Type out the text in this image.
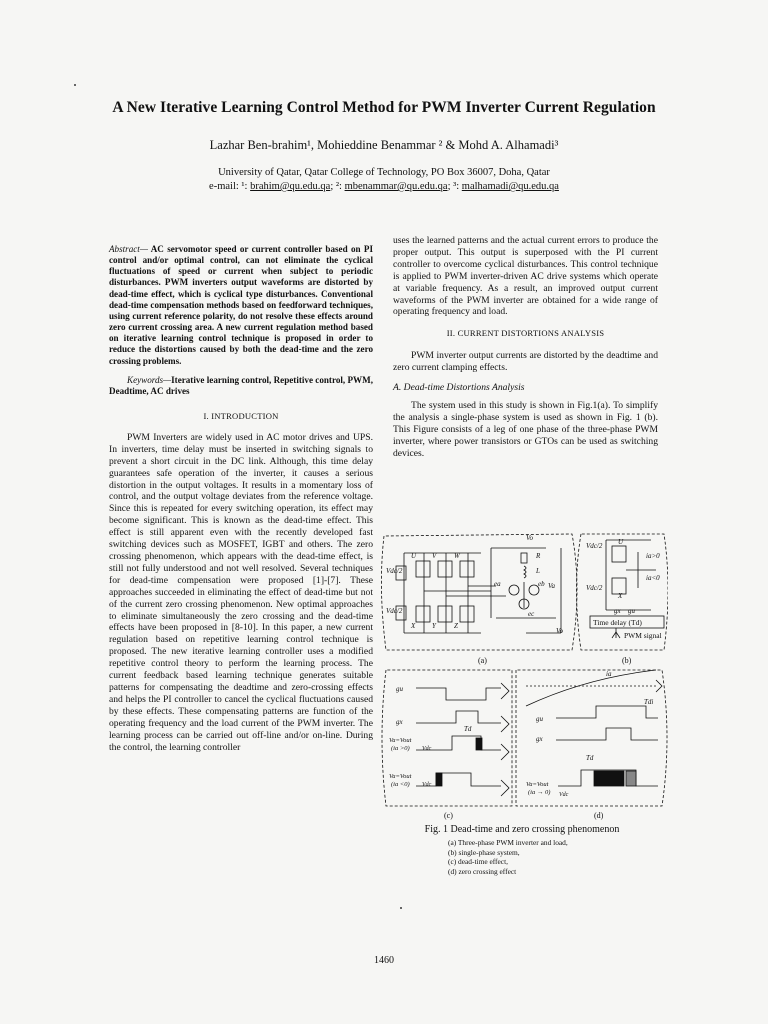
A New Iterative Learning Control Method for PWM Inverter Current Regulation
Lazhar Ben-brahim¹, Mohieddine Benammar ² & Mohd A. Alhamadi³
University of Qatar, Qatar College of Technology, PO Box 36007, Doha, Qatar
e-mail: ¹: brahim@qu.edu.qa; ²: mbenammar@qu.edu.qa; ³: malhamadi@qu.edu.qa

Abstract— AC servomotor speed or current controller based on PI control and/or optimal control, can not eliminate the cyclical fluctuations of speed or current when subject to periodic disturbances. PWM inverters output waveforms are distorted by dead-time effect, which is cyclical type disturbances. Conventional dead-time compensation methods based on feedforward techniques, using current reference polarity, do not resolve these effects around zero current crossing area. A new current regulation method based on iterative learning control technique is proposed in order to reduce the distortions caused by both the dead-time and the zero crossing problems.

Keywords—Iterative learning control, Repetitive control, PWM, Deadtime, AC drives

I. INTRODUCTION

PWM Inverters are widely used in AC motor drives and UPS. In inverters, time delay must be inserted in switching signals to prevent a short circuit in the DC link. Although, this time delay guarantees safe operation of the inverter, it causes a serious distortion in the output voltages. It results in a momentary loss of control, and the output voltage deviates from the reference voltage. Since this is repeated for every switching operation, its effect may become significant. This is known as the dead-time effect. This effect is still apparent even with the recently developed fast switching devices such as MOSFET, IGBT and others. The zero crossing phenomenon, which appears with the dead-time effect, is still not fully understood and not well resolved. Several techniques for dead-time compensation were proposed [1]-[7]. These approaches succeeded in eliminating the effect of dead-time but not of the current zero crossing phenomenon. New optimal approaches to eliminate simultaneously the zero crossing and the dead-time effects have been proposed in [8-10]. In this paper, a new current regulation based on repetitive learning control technique is proposed. The new iterative learning controller uses a modified repetitive control theory to perform the learning process. The current feedback based learning technique generates suitable patterns for compensating the deadtime and zero-crossing effects and helps the PI controller to cancel the cyclical fluctuations caused by these effects. These compensating patterns are function of the operating frequency and the load current of the PWM inverter. The learning process can be carried out off-line and/or on-line. During the control, the learning controller

uses the learned patterns and the actual current errors to produce the proper output. This output is superposed with the PI current controller to overcome cyclical disturbances. This control technique is applied to PWM inverter-driven AC drive systems which operate at variable frequency. As a result, an improved output current waveforms of the PWM inverter are obtained for a wide range of operating frequency and load.

II. CURRENT DISTORTIONS ANALYSIS

PWM inverter output currents are distorted by the deadtime and zero current clamping effects.

A. Dead-time Distortions Analysis

The system used in this study is shown in Fig.1(a). To simplify the analysis a single-phase system is used as shown in Fig. 1 (b). This Figure consists of a leg of one phase of the three-phase PWM inverter, where power transistors or GTOs can be used as switching devices.

Vdc/2
Vdc/2
U V	W
X Y	Z
R
L
ea	eb
ec
Va
Vo
Vo
(a)
Vdc/2
Vdc/2
U
X
ia>0
ia<0
gx gu
Time delay (Td)
PWM signal
(b)
gu
gx
Td
Va=Vout
(ia >0)
Va=Vout
(ia <0)
Vdc
Vdc
(c)
ia
Tdi
gu
gx
Td
Va=Vout
(ia → 0) Vdc
(d)
Fig. 1 Dead-time and zero crossing phenomenon
(a) Three-phase PWM inverter and load,
(b) single-phase system,
(c) dead-time effect,
(d) zero crossing effect
1460
